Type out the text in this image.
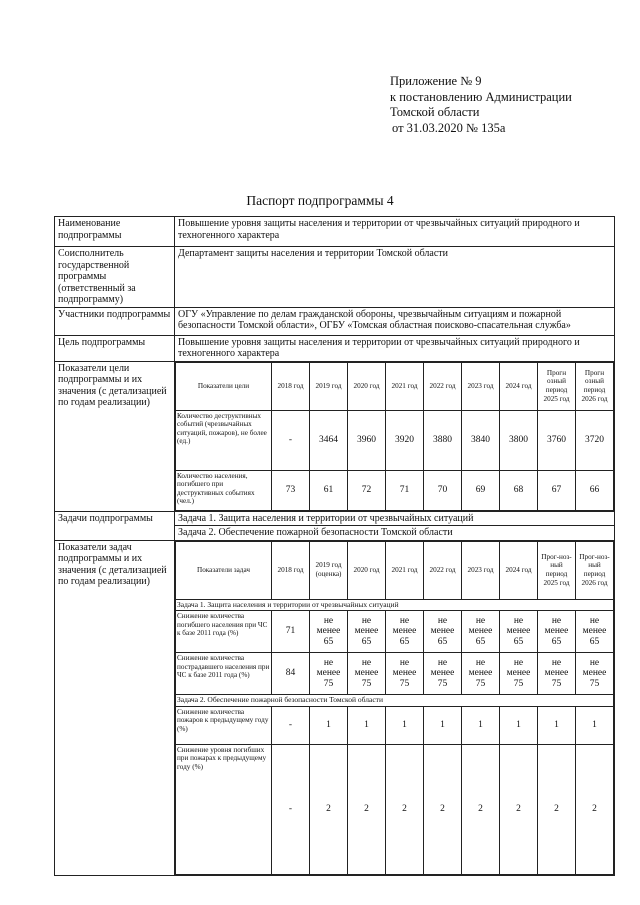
Приложение № 9
к постановлению Администрации
Томской области
от 31.03.2020 № 135а
Паспорт подпрограммы 4
Наименование подпрограммы	Повышение уровня защиты населения и территории от чрезвычайных ситуаций природного и техногенного характера
Соисполнитель государственной программы (ответственный за подпрограмму)	Департамент защиты населения и территории Томской области
Участники подпрограммы	ОГУ «Управление по делам гражданской обороны, чрезвычайным ситуациям и пожарной безопасности Томской области», ОГБУ «Томская областная поисково-спасательная служба»
Цель подпрограммы	Повышение уровня защиты населения и территории от чрезвычайных ситуаций природного и техногенного характера
Показатели цели подпрограммы и их значения (с детализацией по годам реализации)	
Показатели цели	2018 год	2019 год	2020 год	2021 год	2022 год	2023 год	2024 год	Прогн озный период 2025 год	Прогн озный период 2026 год
Количество деструктивных событий (чрезвычайных ситуаций, пожаров), не более (ед.)	-	3464	3960	3920	3880	3840	3800	3760	3720
Количество населения, погибшего при деструктивных событиях (чел.)	73	61	72	71	70	69	68	67	66

Задачи подпрограммы	Задача 1. Защита населения и территории от чрезвычайных ситуаций
Задача 2. Обеспечение пожарной безопасности Томской области
Показатели задач подпрограммы и их значения (с детализацией по годам реализации)	
Показатели задач	2018 год	2019 год (оценка)	2020 год	2021 год	2022 год	2023 год	2024 год	Прог-ноз-ный период 2025 год	Прог-ноз-ный период 2026 год
Задача 1. Защита населения и территории от чрезвычайных ситуаций
Снижение количества погибшего населения при ЧС к базе 2011 года (%)	71	не менее 65	не менее 65	не менее 65	не менее 65	не менее 65	не менее 65	не менее 65	не менее 65
Снижение количества пострадавшего населения при ЧС к базе 2011 года (%)	84	не менее 75	не менее 75	не менее 75	не менее 75	не менее 75	не менее 75	не менее 75	не менее 75
Задача 2. Обеспечение пожарной безопасности Томской области
Снижение количества пожаров к предыдущему году (%)	-	1	1	1	1	1	1	1	1
Снижение уровня погибших при пожарах к предыдущему году (%)	-	2	2	2	2	2	2	2	2
